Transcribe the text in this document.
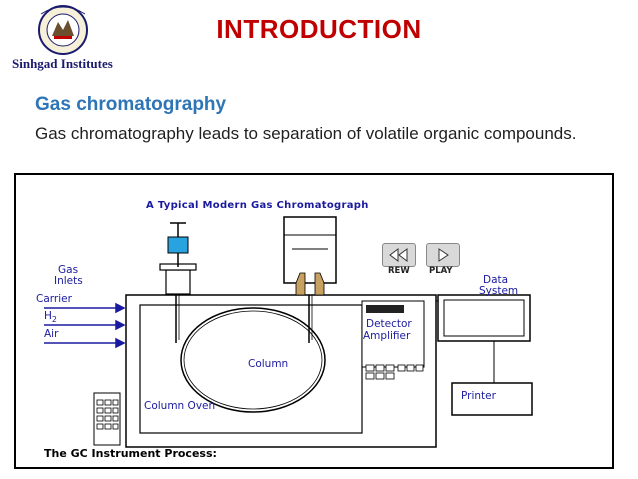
Sinhgad Institutes
INTRODUCTION
Gas chromatography
Gas chromatography leads to separation of volatile organic compounds.
A Typical Modern Gas Chromatograph
Gas
Inlets
Carrier
$H_2$
Air
Column
Column Oven
Detector
Amplifier
Data
System
Printer
REW PLAY
The GC Instrument Process:
